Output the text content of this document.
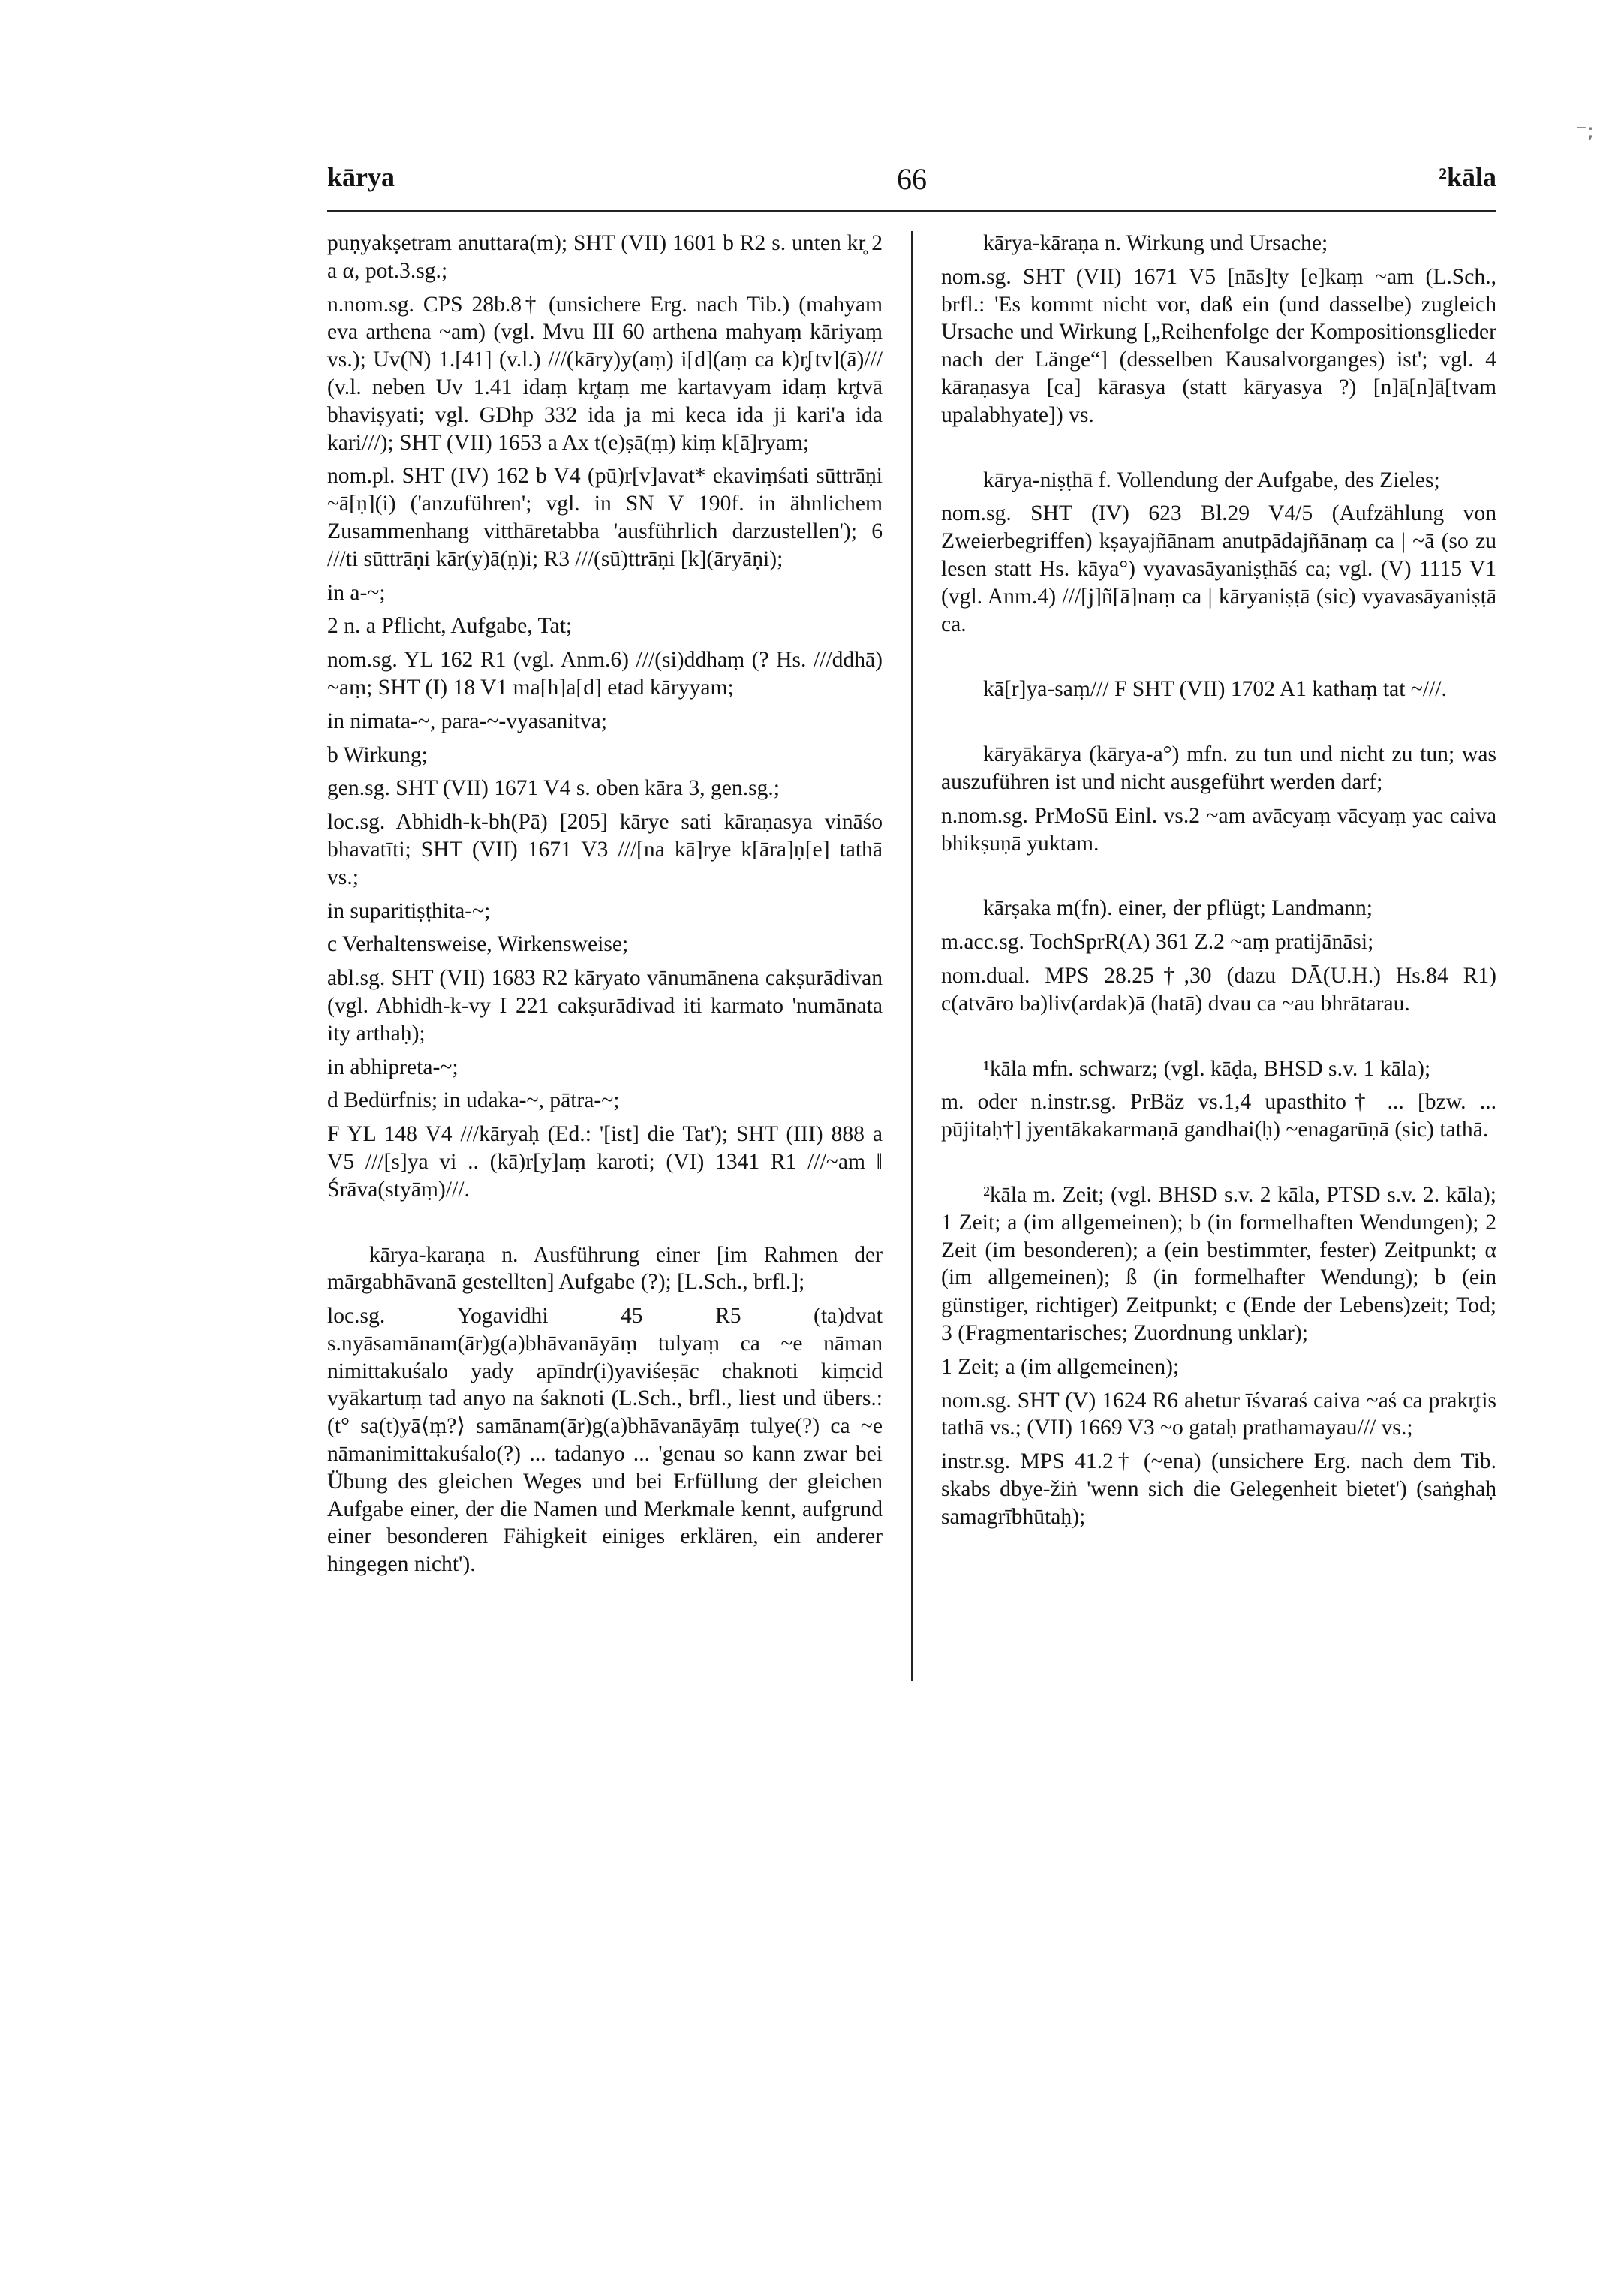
⁻;
kārya	66	²kāla

puṇyakṣetram anuttara(m); SHT (VII) 1601 b R2 s. unten kr̥ 2 a α, pot.3.sg.;

n.nom.sg. CPS 28b.8† (unsichere Erg. nach Tib.) (mahyam eva arthena ~am) (vgl. Mvu III 60 arthena mahyaṃ kāriyaṃ vs.); Uv(N) 1.[41] (v.l.) ///(kāry)y(aṃ) i[d](aṃ ca k)r̥[tv](ā)/// (v.l. neben Uv 1.41 idaṃ kr̥taṃ me kartavyam idaṃ kr̥tvā bhaviṣyati; vgl. GDhp 332 ida ja mi keca ida ji kari'a ida kari///); SHT (VII) 1653 a Ax t(e)ṣā(ṃ) kiṃ k[ā]ryam;

nom.pl. SHT (IV) 162 b V4 (pū)r[v]avat* ekaviṃśati sūttrāṇi ~ā[ṇ](i) ('anzuführen'; vgl. in SN V 190f. in ähnlichem Zusammenhang vitthāretabba 'ausführlich darzustellen'); 6 ///ti sūttrāṇi kār(y)ā(ṇ)i; R3 ///(sū)ttrāṇi [k](āryāṇi);

in a-~;

2 n. a Pflicht, Aufgabe, Tat;

nom.sg. YL 162 R1 (vgl. Anm.6) ///(si)ddhaṃ (? Hs. ///ddhā) ~aṃ; SHT (I) 18 V1 ma[h]a[d] etad kāryyam;

in nimata-~, para-~-vyasanitva;

b Wirkung;

gen.sg. SHT (VII) 1671 V4 s. oben kāra 3, gen.sg.;

loc.sg. Abhidh-k-bh(Pā) [205] kārye sati kāraṇasya vināśo bhavatīti; SHT (VII) 1671 V3 ///[na kā]rye k[āra]ṇ[e] tathā vs.;

in suparitiṣṭhita-~;

c Verhaltensweise, Wirkensweise;

abl.sg. SHT (VII) 1683 R2 kāryato vānumānena cakṣurādivan (vgl. Abhidh-k-vy I 221 cakṣurādivad iti karmato 'numānata ity arthaḥ);

in abhipreta-~;

d Bedürfnis; in udaka-~, pātra-~;

F YL 148 V4 ///kāryaḥ (Ed.: '[ist] die Tat'); SHT (III) 888 a V5 ///[s]ya vi .. (kā)r[y]aṃ karoti; (VI) 1341 R1 ///~am ‖ Śrāva(styāṃ)///.

kārya-karaṇa n. Ausführung einer [im Rahmen der mārgabhāvanā gestellten] Aufgabe (?); [L.Sch., brfl.];

loc.sg. Yogavidhi 45 R5 (ta)dvat s.nyāsamānam(ār)g(a)bhāvanāyāṃ tulyaṃ ca ~e nāman nimittakuśalo yady apīndr(i)yaviśeṣāc chaknoti kiṃcid vyākartuṃ tad anyo na śaknoti (L.Sch., brfl., liest und übers.: (t° sa(t)yā⟨ṃ?⟩ samānam(ār)g(a)bhāvanāyāṃ tulye(?) ca ~e nāmanimittakuśalo(?) ... tadanyo ... 'genau so kann zwar bei Übung des gleichen Weges und bei Erfüllung der gleichen Aufgabe einer, der die Namen und Merkmale kennt, aufgrund einer besonderen Fähigkeit einiges erklären, ein anderer hingegen nicht').

kārya-kāraṇa n. Wirkung und Ursache;

nom.sg. SHT (VII) 1671 V5 [nās]ty [e]kaṃ ~am (L.Sch., brfl.: 'Es kommt nicht vor, daß ein (und dasselbe) zugleich Ursache und Wirkung [„Reihenfolge der Kompositionsglieder nach der Länge“] (desselben Kausalvorganges) ist'; vgl. 4 kāraṇasya [ca] kārasya (statt kāryasya ?) [n]ā[n]ā[tvam upalabhyate]) vs.

kārya-niṣṭhā f. Vollendung der Aufgabe, des Zieles;

nom.sg. SHT (IV) 623 Bl.29 V4/5 (Aufzählung von Zweierbegriffen) kṣayajñānam anutpādajñānaṃ ca | ~ā (so zu lesen statt Hs. kāya°) vyavasāyaniṣṭhāś ca; vgl. (V) 1115 V1 (vgl. Anm.4) ///[j]ñ[ā]naṃ ca | kāryaniṣṭā (sic) vyavasāyaniṣṭā ca.

kā[r]ya-saṃ/// F SHT (VII) 1702 A1 kathaṃ tat ~///.

kāryākārya (kārya-a°) mfn. zu tun und nicht zu tun; was auszuführen ist und nicht ausgeführt werden darf;

n.nom.sg. PrMoSū Einl. vs.2 ~am avācyaṃ vācyaṃ yac caiva bhikṣuṇā yuktam.

kārṣaka m(fn). einer, der pflügt; Landmann;

m.acc.sg. TochSprR(A) 361 Z.2 ~aṃ pratijānāsi;

nom.dual. MPS 28.25†,30 (dazu DĀ(U.H.) Hs.84 R1) c(atvāro ba)liv(ardak)ā (hatā) dvau ca ~au bhrātarau.

¹kāla mfn. schwarz; (vgl. kāḍa, BHSD s.v. 1 kāla);

m. oder n.instr.sg. PrBäz vs.1,4 upasthito† ... [bzw. ... pūjitaḥ†] jyentākakarmaṇā gandhai(ḥ) ~enagarūṇā (sic) tathā.

²kāla m. Zeit; (vgl. BHSD s.v. 2 kāla, PTSD s.v. 2. kāla); 1 Zeit; a (im allgemeinen); b (in formelhaften Wendungen); 2 Zeit (im besonderen); a (ein bestimmter, fester) Zeitpunkt; α (im allgemeinen); ß (in formelhafter Wendung); b (ein günstiger, richtiger) Zeitpunkt; c (Ende der Lebens)zeit; Tod; 3 (Fragmentarisches; Zuordnung unklar);

1 Zeit; a (im allgemeinen);

nom.sg. SHT (V) 1624 R6 ahetur īśvaraś caiva ~aś ca prakr̥tis tathā vs.; (VII) 1669 V3 ~o gataḥ prathamayau/// vs.;

instr.sg. MPS 41.2† (~ena) (unsichere Erg. nach dem Tib. skabs dbye-žiṅ 'wenn sich die Gelegenheit bietet') (saṅghaḥ samagrībhūtaḥ);
